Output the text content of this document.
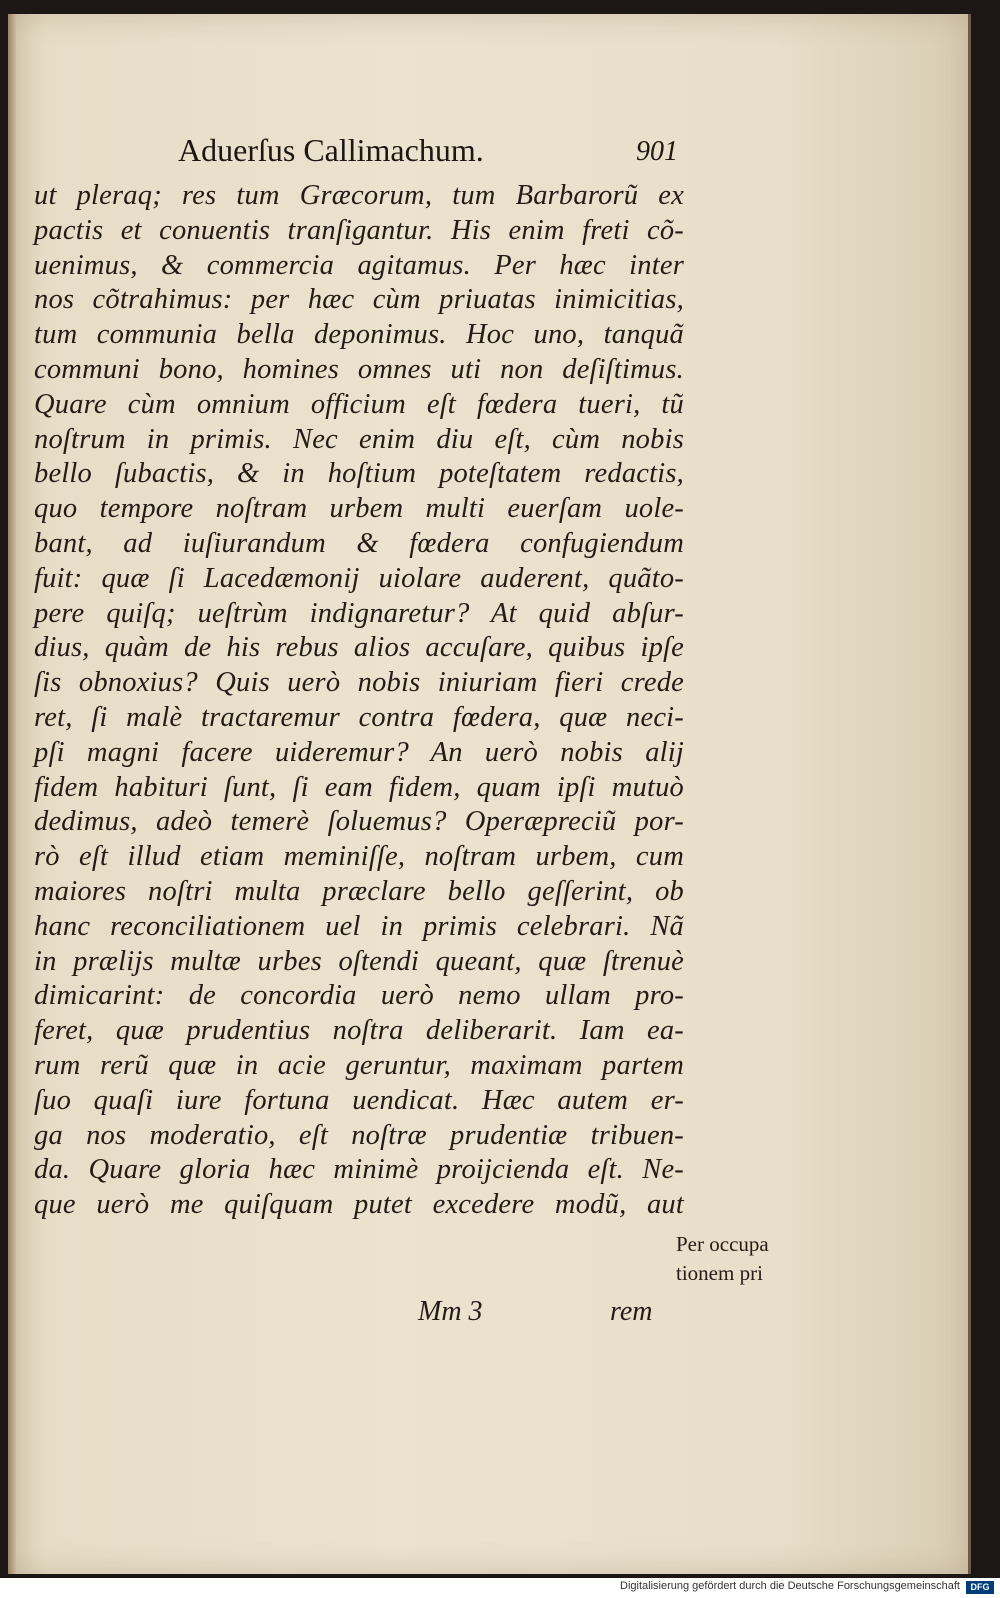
Aduerſus Callimachum.	901
ut pleraq; res tum Græcorum, tum Barbarorũ ex
pactis et conuentis tranſigantur. His enim freti cõ-
uenimus, & commercia agitamus. Per hæc inter
nos cõtrahimus: per hæc cùm priuatas inimicitias,
tum communia bella deponimus. Hoc uno, tanquã
communi bono, homines omnes uti non deſiſtimus.
Quare cùm omnium officium eſt fœdera tueri, tũ
noſtrum in primis. Nec enim diu eſt, cùm nobis
bello ſubactis, & in hoſtium poteſtatem redactis,
quo tempore noſtram urbem multi euerſam uole-
bant, ad iuſiurandum & fœdera confugiendum
fuit: quæ ſi Lacedæmonij uiolare auderent, quãto-
pere quiſq; ueſtrùm indignaretur? At quid abſur-
dius, quàm de his rebus alios accuſare, quibus ipſe
ſis obnoxius? Quis uerò nobis iniuriam fieri crede
ret, ſi malè tractaremur contra fœdera, quæ neci-
pſi magni facere uideremur? An uerò nobis alij
fidem habituri ſunt, ſi eam fidem, quam ipſi mutuò
dedimus, adeò temerè ſoluemus? Operæpreciũ por-
rò eſt illud etiam meminiſſe, noſtram urbem, cum
maiores noſtri multa præclare bello geſſerint, ob
hanc reconciliationem uel in primis celebrari. Nã
in prælijs multæ urbes oſtendi queant, quæ ſtrenuè
dimicarint: de concordia uerò nemo ullam pro-
feret, quæ prudentius noſtra deliberarit. Iam ea-
rum rerũ quæ in acie geruntur, maximam partem
ſuo quaſi iure fortuna uendicat. Hæc autem er-
ga nos moderatio, eſt noſtræ prudentiæ tribuen-
da. Quare gloria hæc minimè proijcienda eſt. Ne-
que uerò me quiſquam putet excedere modũ, aut
Per occupa
tionem pri
Mm 3	rem
Digitalisierung gefördert durch die Deutsche Forschungsgemeinschaft	DFG
